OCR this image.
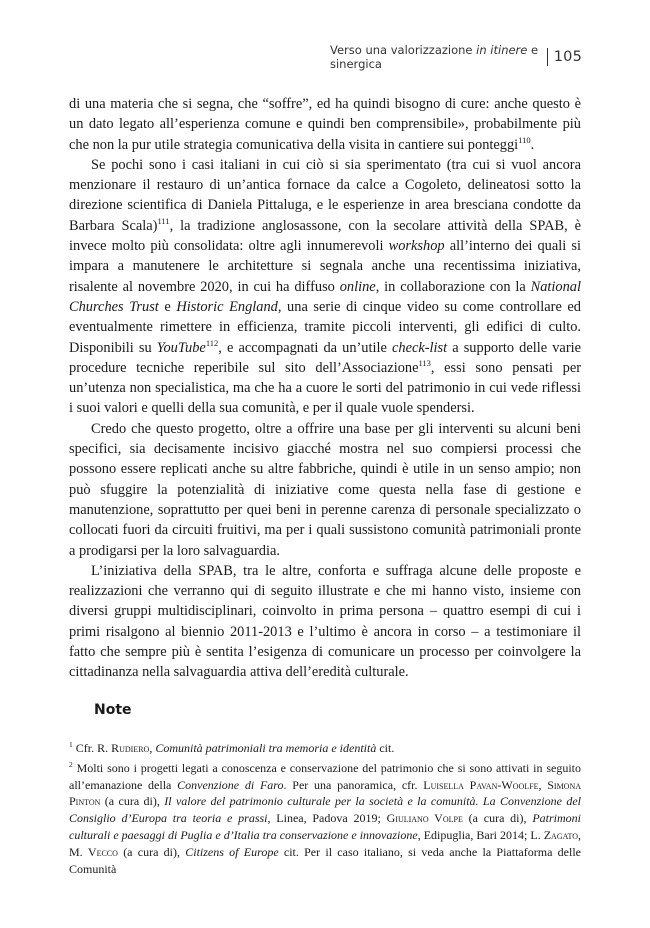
Verso una valorizzazione in itinere e sinergica	105

di una materia che si segna, che “soffre”, ed ha quindi bisogno di cure: anche questo è un dato legato all’esperienza comune e quindi ben comprensibile», probabilmente più che non la pur utile strategia comunicativa della visita in cantiere sui ponteggi$^{110}$.

Se pochi sono i casi italiani in cui ciò si sia sperimentato (tra cui si vuol ancora menzionare il restauro di un’antica fornace da calce a Cogoleto, delineatosi sotto la direzione scientifica di Daniela Pittaluga, e le esperienze in area bresciana condotte da Barbara Scala)$^{111}$, la tradizione anglosassone, con la secolare attività della SPAB, è invece molto più consolidata: oltre agli innumerevoli workshop all’interno dei quali si impara a manutenere le architetture si segnala anche una recentissima iniziativa, risalente al novembre 2020, in cui ha diffuso online, in collaborazione con la National Churches Trust e Historic England, una serie di cinque video su come controllare ed eventualmente rimettere in efficienza, tramite piccoli interventi, gli edifici di culto. Disponibili su YouTube$^{112}$, e accompagnati da un’utile check-list a supporto delle varie procedure tecniche reperibile sul sito dell’Associazione$^{113}$, essi sono pensati per un’utenza non specialistica, ma che ha a cuore le sorti del patrimonio in cui vede riflessi i suoi valori e quelli della sua comunità, e per il quale vuole spendersi.

Credo che questo progetto, oltre a offrire una base per gli interventi su alcuni beni specifici, sia decisamente incisivo giacché mostra nel suo compiersi processi che possono essere replicati anche su altre fabbriche, quindi è utile in un senso ampio; non può sfuggire la potenzialità di iniziative come questa nella fase di gestione e manutenzione, soprattutto per quei beni in perenne carenza di personale specializzato o collocati fuori da circuiti fruitivi, ma per i quali sussistono comunità patrimoniali pronte a prodigarsi per la loro salvaguardia.

L’iniziativa della SPAB, tra le altre, conforta e suffraga alcune delle proposte e realizzazioni che verranno qui di seguito illustrate e che mi hanno visto, insieme con diversi gruppi multidisciplinari, coinvolto in prima persona – quattro esempi di cui i primi risalgono al biennio 2011-2013 e l’ultimo è ancora in corso – a testimoniare il fatto che sempre più è sentita l’esigenza di comunicare un processo per coinvolgere la cittadinanza nella salvaguardia attiva dell’eredità culturale.

Note

$^1$ Cfr. R. Rudiero, Comunità patrimoniali tra memoria e identità cit.

$^2$ Molti sono i progetti legati a conoscenza e conservazione del patrimonio che si sono attivati in seguito all’emanazione della Convenzione di Faro. Per una panoramica, cfr. Luisella Pavan-Woolfe, Simona Pinton (a cura di), Il valore del patrimonio culturale per la società e la comunità. La Convenzione del Consiglio d’Europa tra teoria e prassi, Linea, Padova 2019; Giuliano Volpe (a cura di), Patrimoni culturali e paesaggi di Puglia e d’Italia tra conservazione e innovazione, Edipuglia, Bari 2014; L. Zagato, M. Vecco (a cura di), Citizens of Europe cit. Per il caso italiano, si veda anche la Piattaforma delle Comunità
